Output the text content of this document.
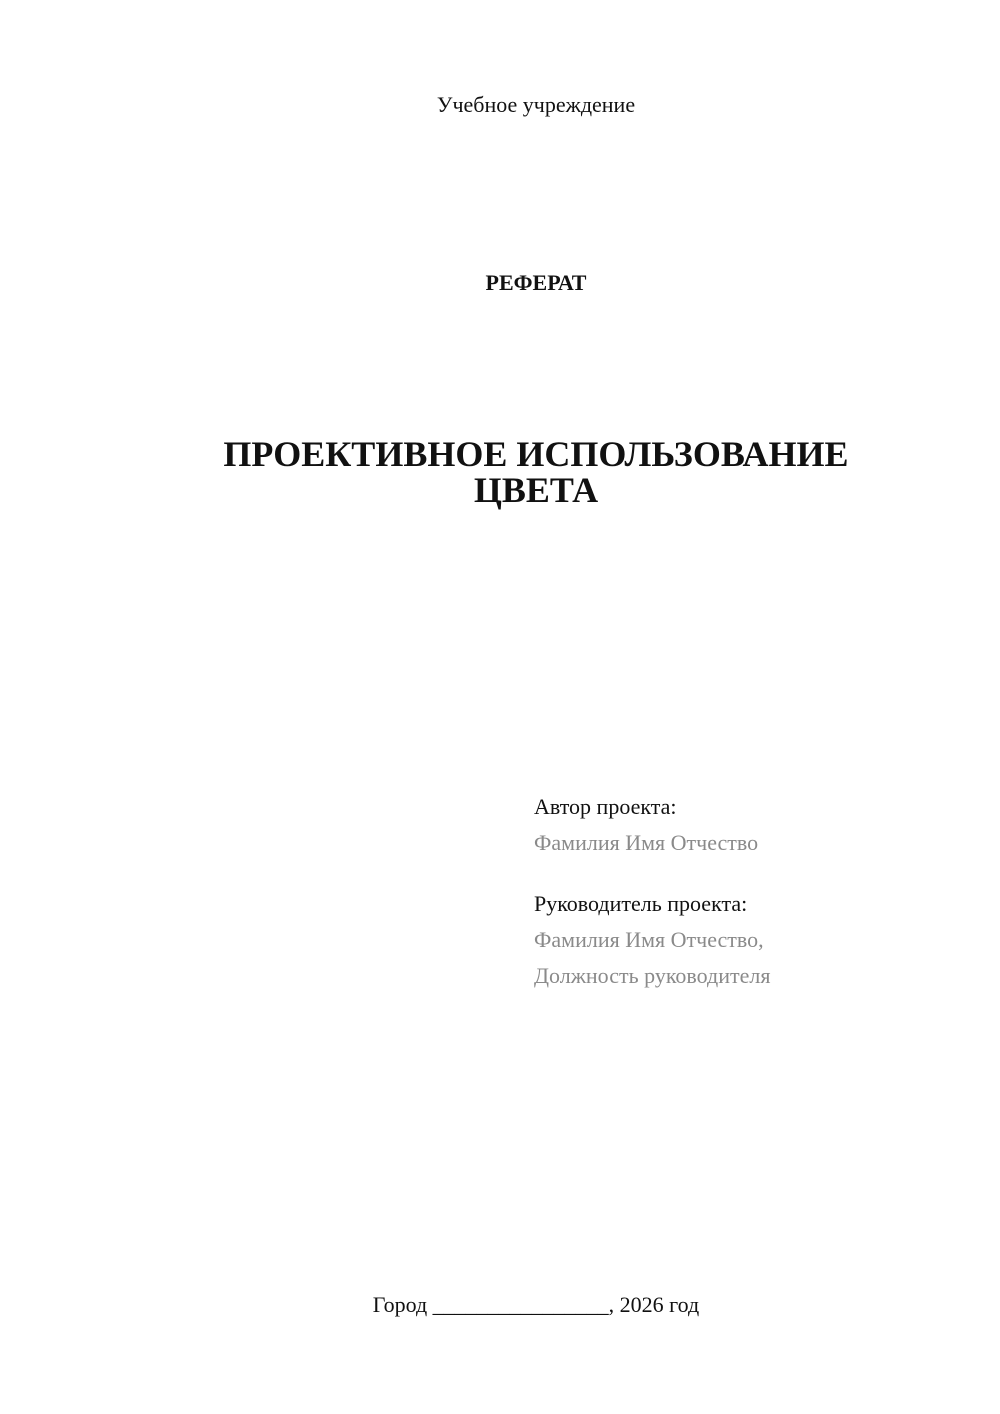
Учебное учреждение
РЕФЕРАТ
ПРОЕКТИВНОЕ ИСПОЛЬЗОВАНИЕ
ЦВЕТА
Автор проекта:
Фамилия Имя Отчество
Руководитель проекта:
Фамилия Имя Отчество,
Должность руководителя
Город ________________, 2026 год
